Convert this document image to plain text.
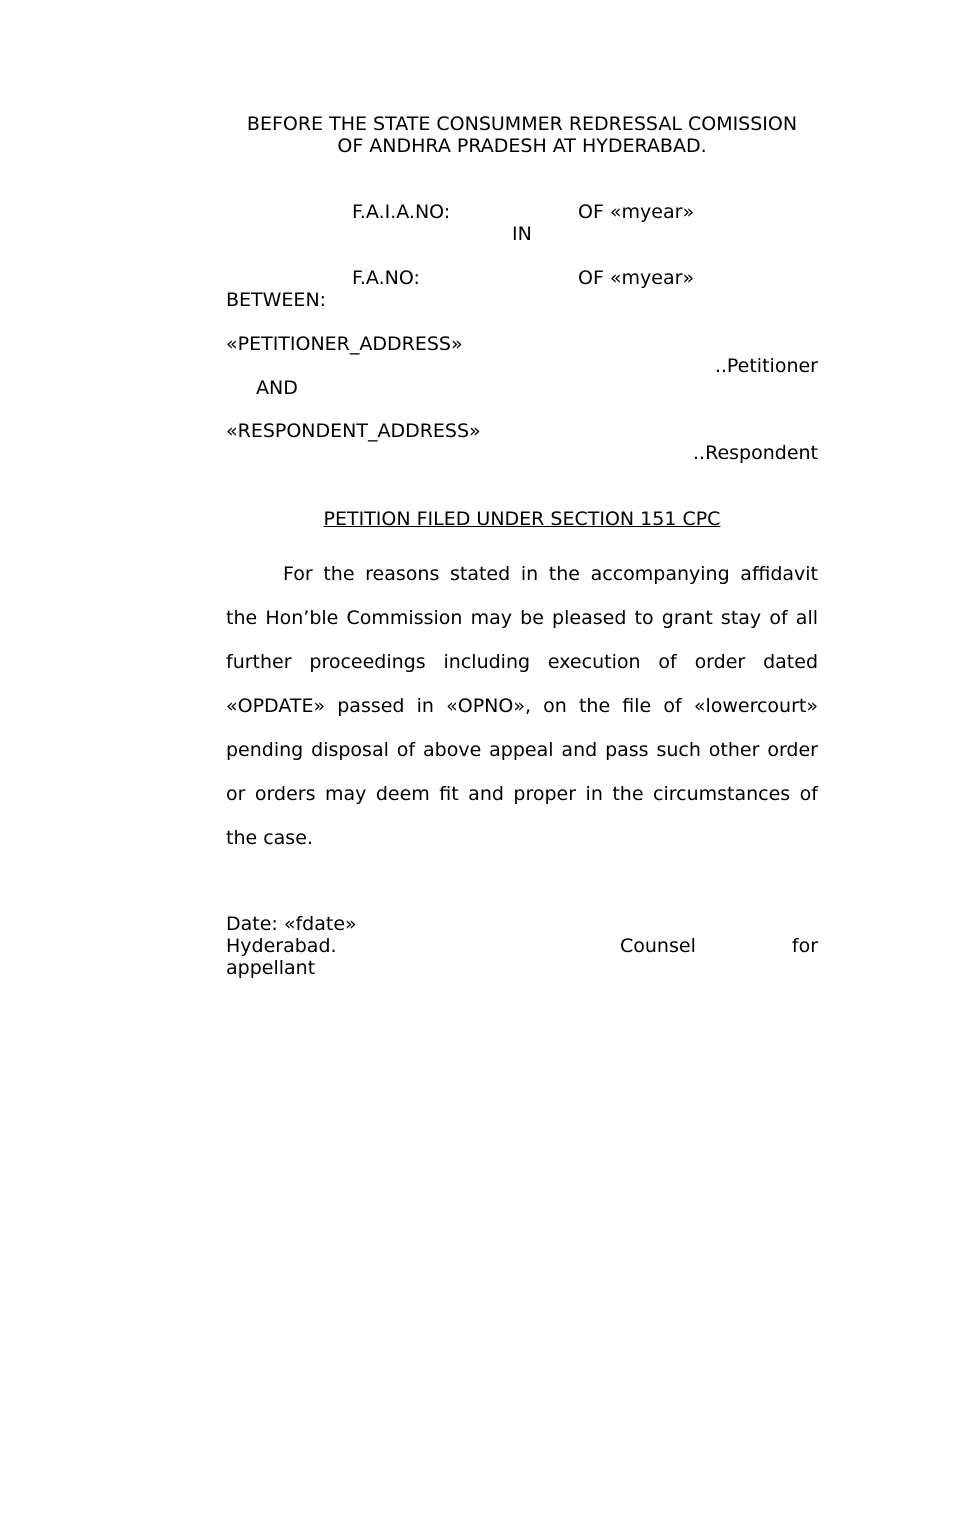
BEFORE THE STATE CONSUMMER REDRESSAL COMISSION
OF ANDHRA PRADESH AT HYDERABAD.
F.A.I.A.NO:	OF «myear»
IN
F.A.NO:	OF «myear»
BETWEEN:
«PETITIONER_ADDRESS»
..Petitioner
AND
«RESPONDENT_ADDRESS»
..Respondent
PETITION FILED UNDER SECTION 151 CPC

For the reasons stated in the accompanying affidavit the Hon’ble Commission may be pleased to grant stay of all further proceedings including execution of order dated «OPDATE» passed in «OPNO», on the file of «lowercourt» pending disposal of above appeal and pass such other order or orders may deem fit and proper in the circumstances of the case.

Date: «fdate»
Hyderabad.	Counsel	for
appellant
